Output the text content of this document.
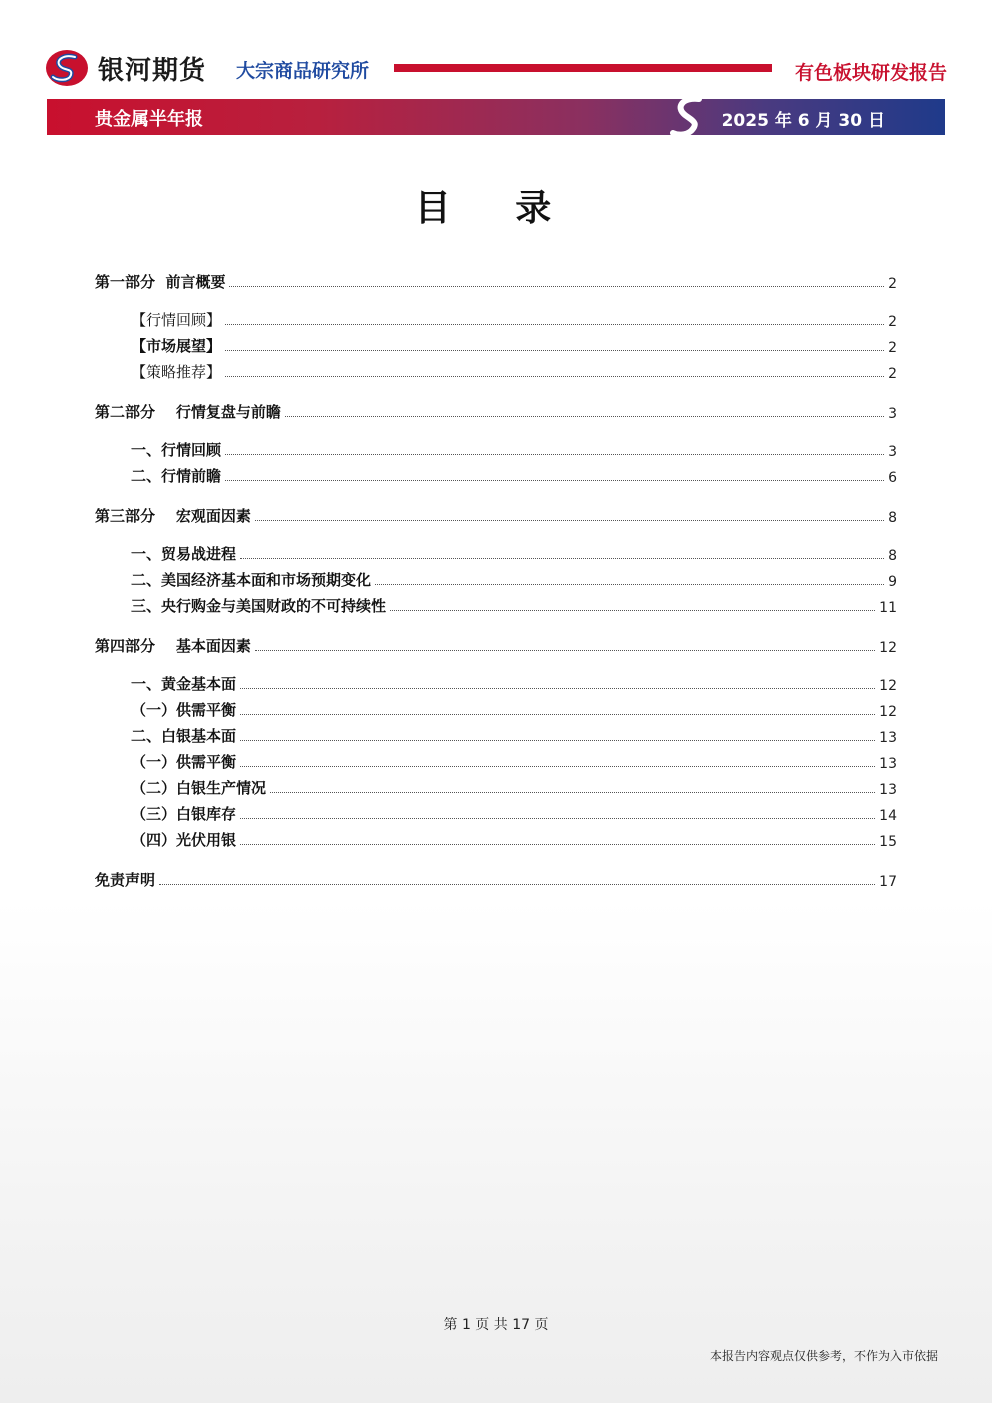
银河期货 大宗商品研究所	有色板块研发报告
贵金属半年报	2025 年 6 月 30 日
目 录
第一部分  前言概要	2
【行情回顾】	2
【市场展望】	2
【策略推荐】	2
第二部分    行情复盘与前瞻	3
一、行情回顾	3
二、行情前瞻	6
第三部分    宏观面因素	8
一、贸易战进程	8
二、美国经济基本面和市场预期变化	9
三、央行购金与美国财政的不可持续性	11
第四部分    基本面因素	12
一、黄金基本面	12
（一）供需平衡	12
二、白银基本面	13
（一）供需平衡	13
（二）白银生产情况	13
（三）白银库存	14
（四）光伏用银	15
免责声明	17
第 1 页 共 17 页
本报告内容观点仅供参考，不作为入市依据
